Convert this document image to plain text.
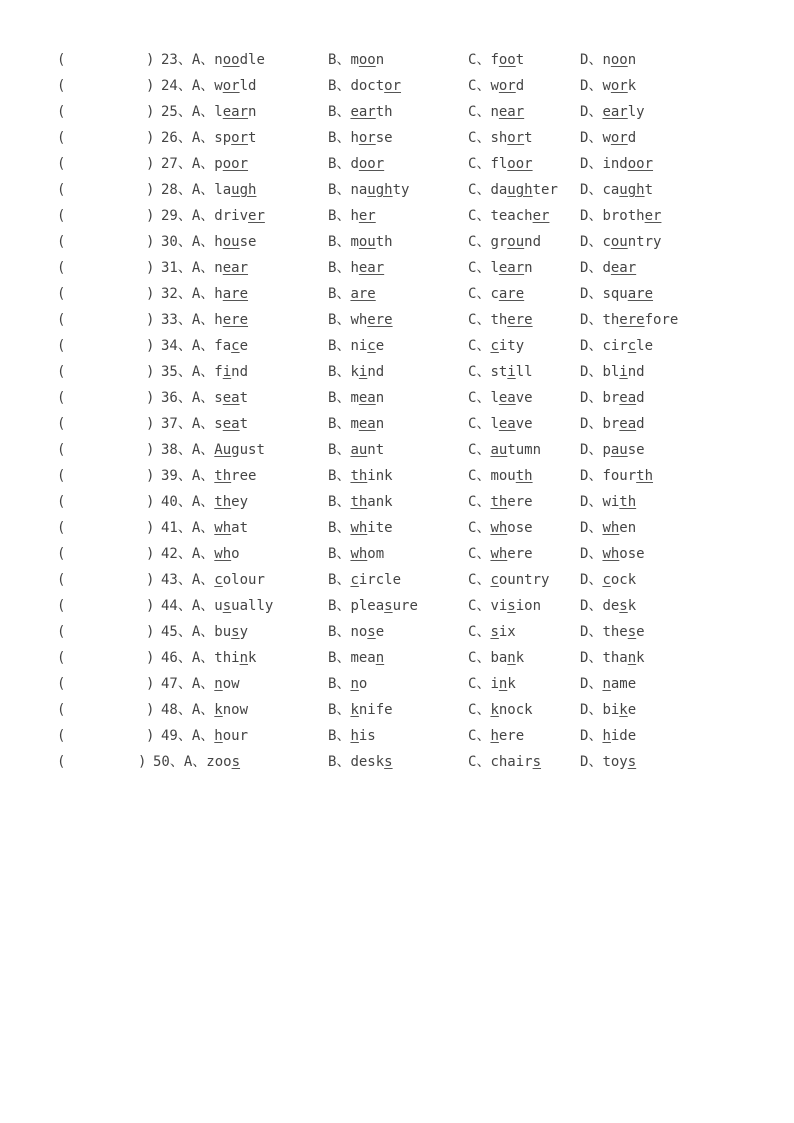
(	) 23、A、noodle	B、moon	C、foot	D、noon
(	) 24、A、world	B、doctor	C、word	D、work
(	) 25、A、learn	B、earth	C、near	D、early
(	) 26、A、sport	B、horse	C、short	D、word
(	) 27、A、poor	B、door	C、floor	D、indoor
(	) 28、A、laugh	B、naughty	C、daughter D、caught
(	) 29、A、driver	B、her	C、teacher D、brother
(	) 30、A、house	B、mouth	C、ground	D、country
(	) 31、A、near	B、hear	C、learn	D、dear
(	) 32、A、hare	B、are	C、care	D、square
(	) 33、A、here	B、where	C、there	D、therefore
(	) 34、A、face	B、nice	C、city	D、circle
(	) 35、A、find	B、kind	C、still	D、blind
(	) 36、A、seat	B、mean	C、leave	D、bread
(	) 37、A、seat	B、mean	C、leave	D、bread
(	) 38、A、August	B、aunt	C、autumn	D、pause
(	) 39、A、three	B、think	C、mouth	D、fourth
(	) 40、A、they	B、thank	C、there	D、with
(	) 41、A、what	B、white	C、whose	D、when
(	) 42、A、who	B、whom	C、where	D、whose
(	) 43、A、colour	B、circle	C、country D、cock
(	) 44、A、usually	B、pleasure	C、vision	D、desk
(	) 45、A、busy	B、nose	C、six	D、these
(	) 46、A、think	B、mean	C、bank	D、thank
(	) 47、A、now	B、no	C、ink	D、name
(	) 48、A、know	B、knife	C、knock	D、bike
(	) 49、A、hour	B、his	C、here	D、hide
(	) 50、A、zoos	B、desks	C、chairs	D、toys
